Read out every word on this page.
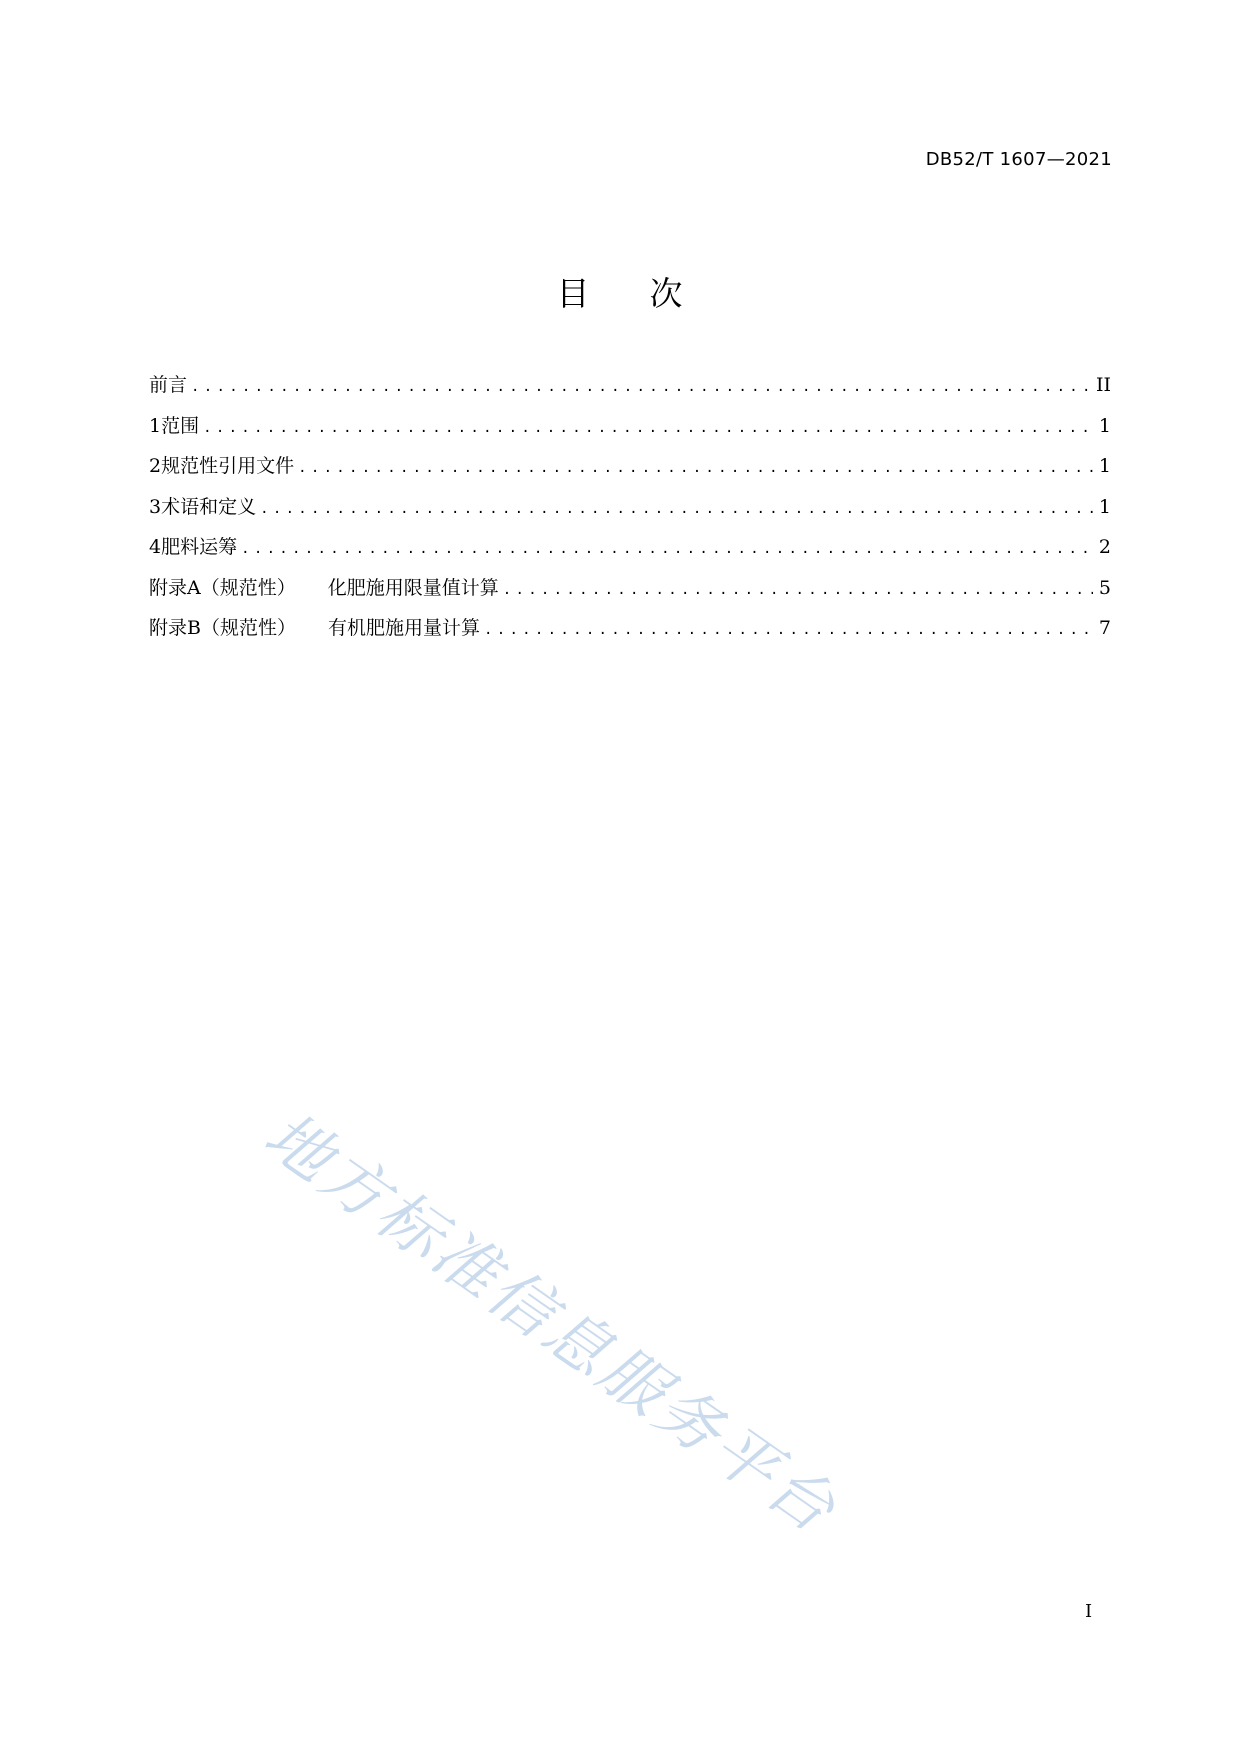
DB52/T 1607—2021
目 次
前言 .....	II
1 范围 .....	1
2 规范性引用文件 .....	1
3 术语和定义 .....	1
4 肥料运筹 .....	2
附录A（规范性） 化肥施用限量值计算 .....	5
附录B（规范性） 有机肥施用量计算 .....	7
地方标准信息服务平台
I
